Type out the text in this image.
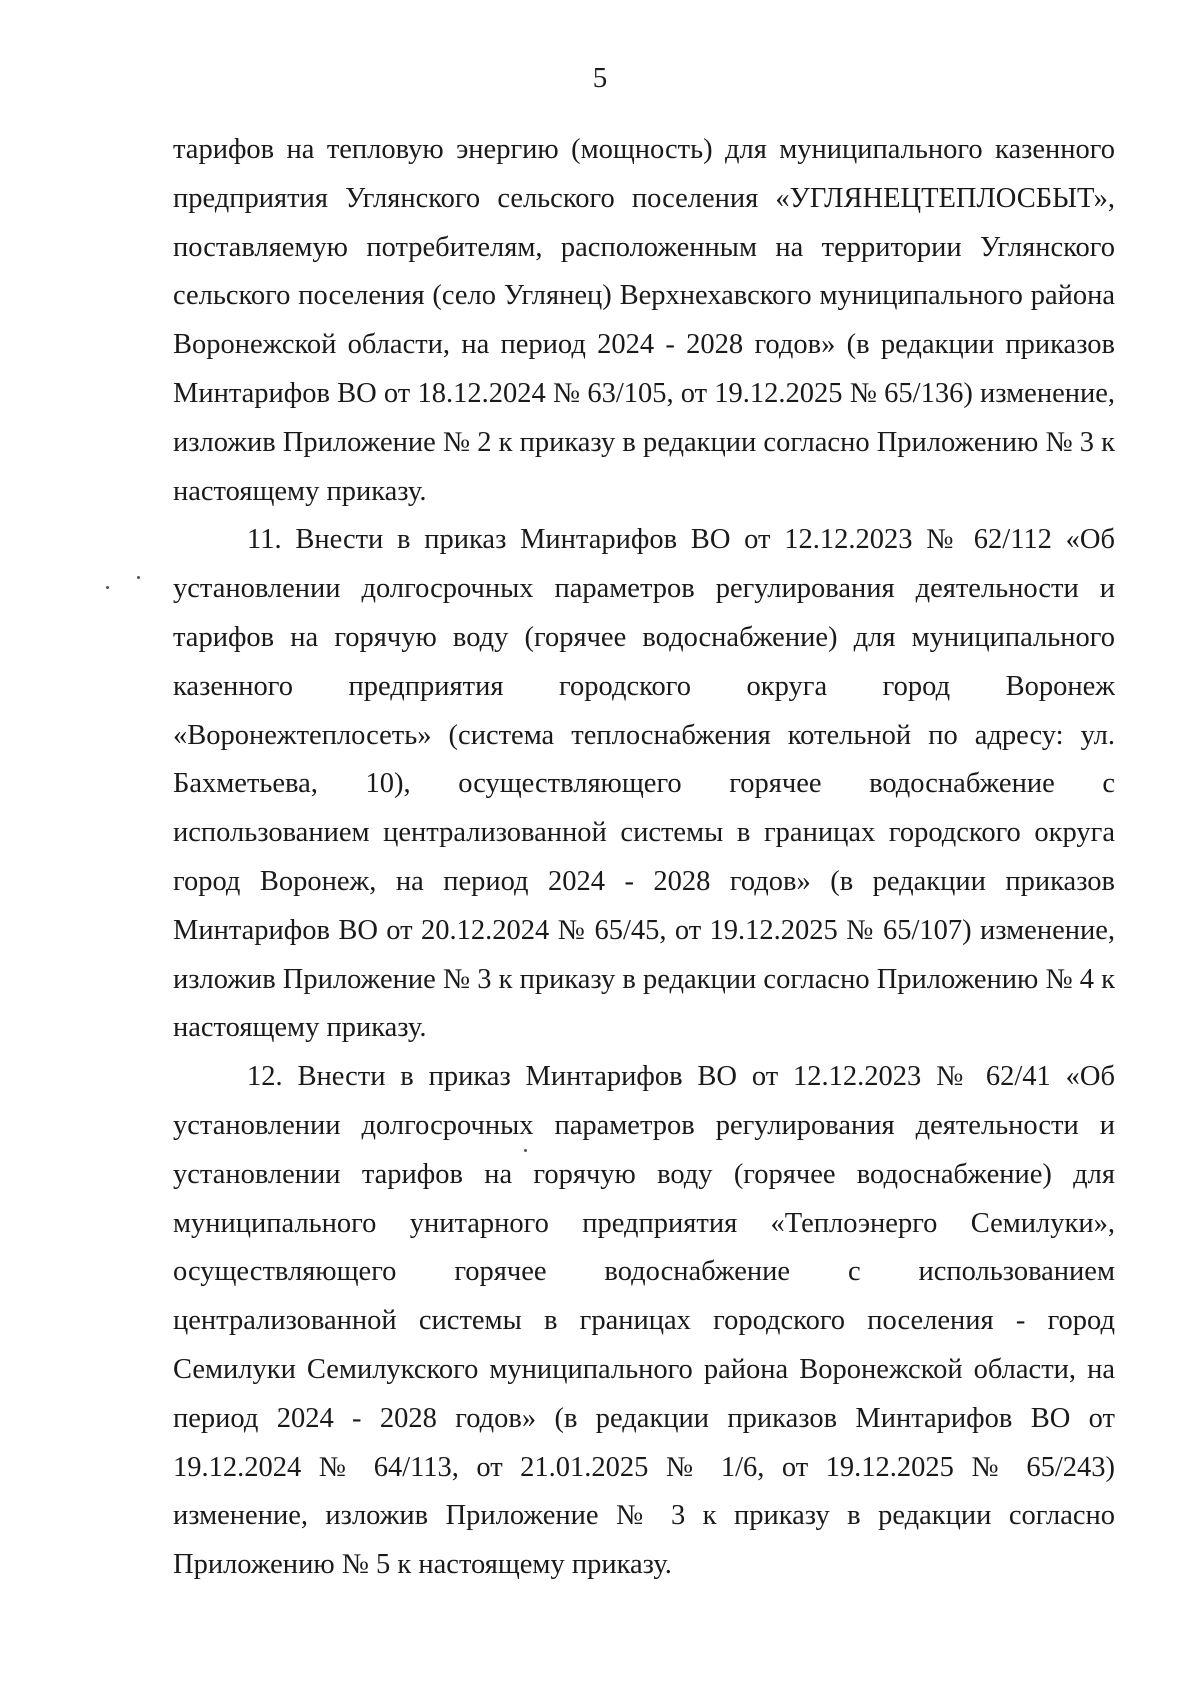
5

тарифов на тепловую энергию (мощность) для муниципального казенного предприятия Углянского сельского поселения «УГЛЯНЕЦТЕПЛОСБЫТ», поставляемую потребителям, расположенным на территории Углянского сельского поселения (село Углянец) Верхнехавского муниципального района Воронежской области, на период 2024 - 2028 годов» (в редакции приказов Минтарифов ВО от 18.12.2024 № 63/105, от 19.12.2025 № 65/136) изменение, изложив Приложение № 2 к приказу в редакции согласно Приложению № 3 к настоящему приказу.

11. Внести в приказ Минтарифов ВО от 12.12.2023 № 62/112 «Об установлении долгосрочных параметров регулирования деятельности и тарифов на горячую воду (горячее водоснабжение) для муниципального казенного предприятия городского округа город Воронеж «Воронежтеплосеть» (система теплоснабжения котельной по адресу: ул. Бахметьева, 10), осуществляющего горячее водоснабжение с использованием централизованной системы в границах городского округа город Воронеж, на период 2024 - 2028 годов» (в редакции приказов Минтарифов ВО от 20.12.2024 № 65/45, от 19.12.2025 № 65/107) изменение, изложив Приложение № 3 к приказу в редакции согласно Приложению № 4 к настоящему приказу.

12. Внести в приказ Минтарифов ВО от 12.12.2023 № 62/41 «Об установлении долгосрочных параметров регулирования деятельности и установлении тарифов на горячую воду (горячее водоснабжение) для муниципального унитарного предприятия «Теплоэнерго Семилуки», осуществляющего горячее водоснабжение с использованием централизованной системы в границах городского поселения - город Семилуки Семилукского муниципального района Воронежской области, на период 2024 - 2028 годов» (в редакции приказов Минтарифов ВО от 19.12.2024 № 64/113, от 21.01.2025 № 1/6, от 19.12.2025 № 65/243) изменение, изложив Приложение № 3 к приказу в редакции согласно Приложению № 5 к настоящему приказу.
